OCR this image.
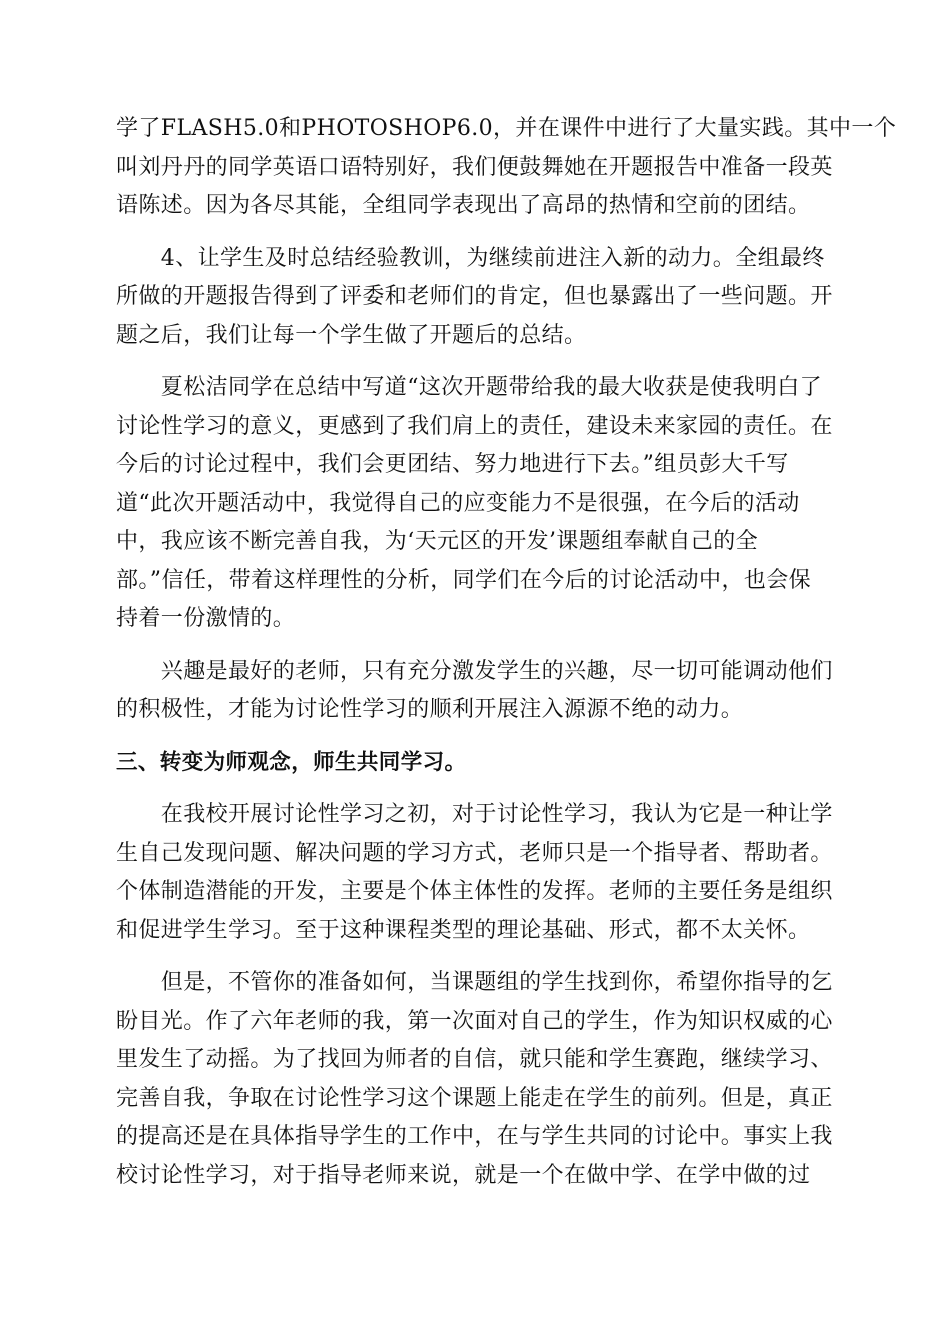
学了FLASH5.0和PHOTOSHOP6.0，并在课件中进行了大量实践。其中一个
叫刘丹丹的同学英语口语特别好，我们便鼓舞她在开题报告中准备一段英
语陈述。因为各尽其能，全组同学表现出了高昂的热情和空前的团结。
　　4、让学生及时总结经验教训，为继续前进注入新的动力。全组最终
所做的开题报告得到了评委和老师们的肯定，但也暴露出了一些问题。开
题之后，我们让每一个学生做了开题后的总结。
　　夏松洁同学在总结中写道“这次开题带给我的最大收获是使我明白了
讨论性学习的意义，更感到了我们肩上的责任，建设未来家园的责任。在
今后的讨论过程中，我们会更团结、努力地进行下去。”组员彭大千写
道“此次开题活动中，我觉得自己的应变能力不是很强，在今后的活动
中，我应该不断完善自我，为‘天元区的开发’课题组奉献自己的全
部。”信任，带着这样理性的分析，同学们在今后的讨论活动中，也会保
持着一份激情的。
　　兴趣是最好的老师，只有充分激发学生的兴趣，尽一切可能调动他们
的积极性，才能为讨论性学习的顺利开展注入源源不绝的动力。
三、转变为师观念，师生共同学习。
　　在我校开展讨论性学习之初，对于讨论性学习，我认为它是一种让学
生自己发现问题、解决问题的学习方式，老师只是一个指导者、帮助者。
个体制造潜能的开发，主要是个体主体性的发挥。老师的主要任务是组织
和促进学生学习。至于这种课程类型的理论基础、形式，都不太关怀。
　　但是，不管你的准备如何，当课题组的学生找到你，希望你指导的乞
盼目光。作了六年老师的我，第一次面对自己的学生，作为知识权威的心
里发生了动摇。为了找回为师者的自信，就只能和学生赛跑，继续学习、
完善自我，争取在讨论性学习这个课题上能走在学生的前列。但是，真正
的提高还是在具体指导学生的工作中，在与学生共同的讨论中。事实上我
校讨论性学习，对于指导老师来说，就是一个在做中学、在学中做的过
